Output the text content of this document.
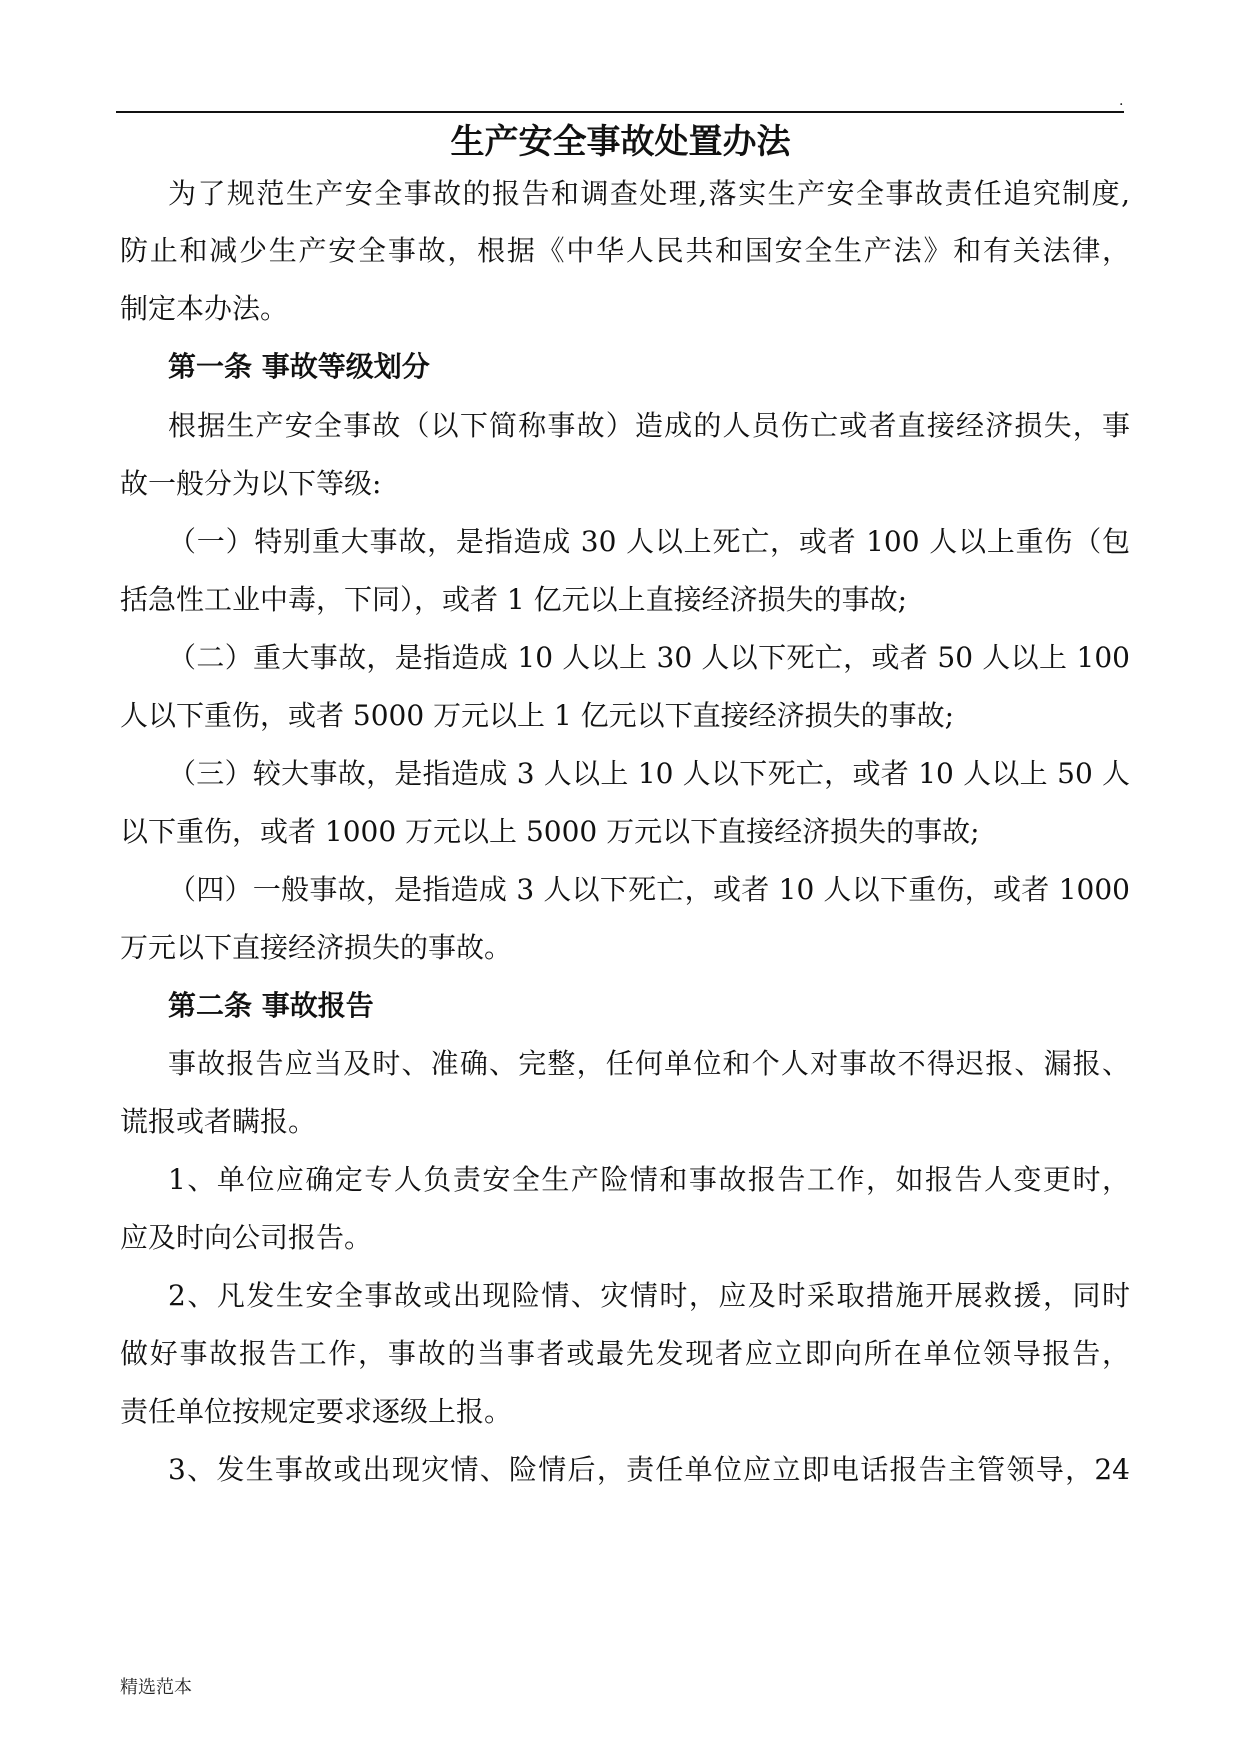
.
生产安全事故处置办法

为了规范生产安全事故的报告和调查处理,落实生产安全事故责任追究制度,

防止和减少生产安全事故，根据《中华人民共和国安全生产法》和有关法律，

制定本办法。

第一条 事故等级划分

根据生产安全事故（以下简称事故）造成的人员伤亡或者直接经济损失，事

故一般分为以下等级:

（一）特别重大事故，是指造成 30 人以上死亡，或者 100 人以上重伤（包

括急性工业中毒，下同），或者 1 亿元以上直接经济损失的事故;

（二）重大事故，是指造成 10 人以上 30 人以下死亡，或者 50 人以上 100

人以下重伤，或者 5000 万元以上 1 亿元以下直接经济损失的事故;

（三）较大事故，是指造成 3 人以上 10 人以下死亡，或者 10 人以上 50 人

以下重伤，或者 1000 万元以上 5000 万元以下直接经济损失的事故;

（四）一般事故，是指造成 3 人以下死亡，或者 10 人以下重伤，或者 1000

万元以下直接经济损失的事故。

第二条 事故报告

事故报告应当及时、准确、完整，任何单位和个人对事故不得迟报、漏报、

谎报或者瞒报。

1、单位应确定专人负责安全生产险情和事故报告工作，如报告人变更时，

应及时向公司报告。

2、凡发生安全事故或出现险情、灾情时，应及时采取措施开展救援，同时

做好事故报告工作，事故的当事者或最先发现者应立即向所在单位领导报告，

责任单位按规定要求逐级上报。

3、发生事故或出现灾情、险情后，责任单位应立即电话报告主管领导，24

精选范本
